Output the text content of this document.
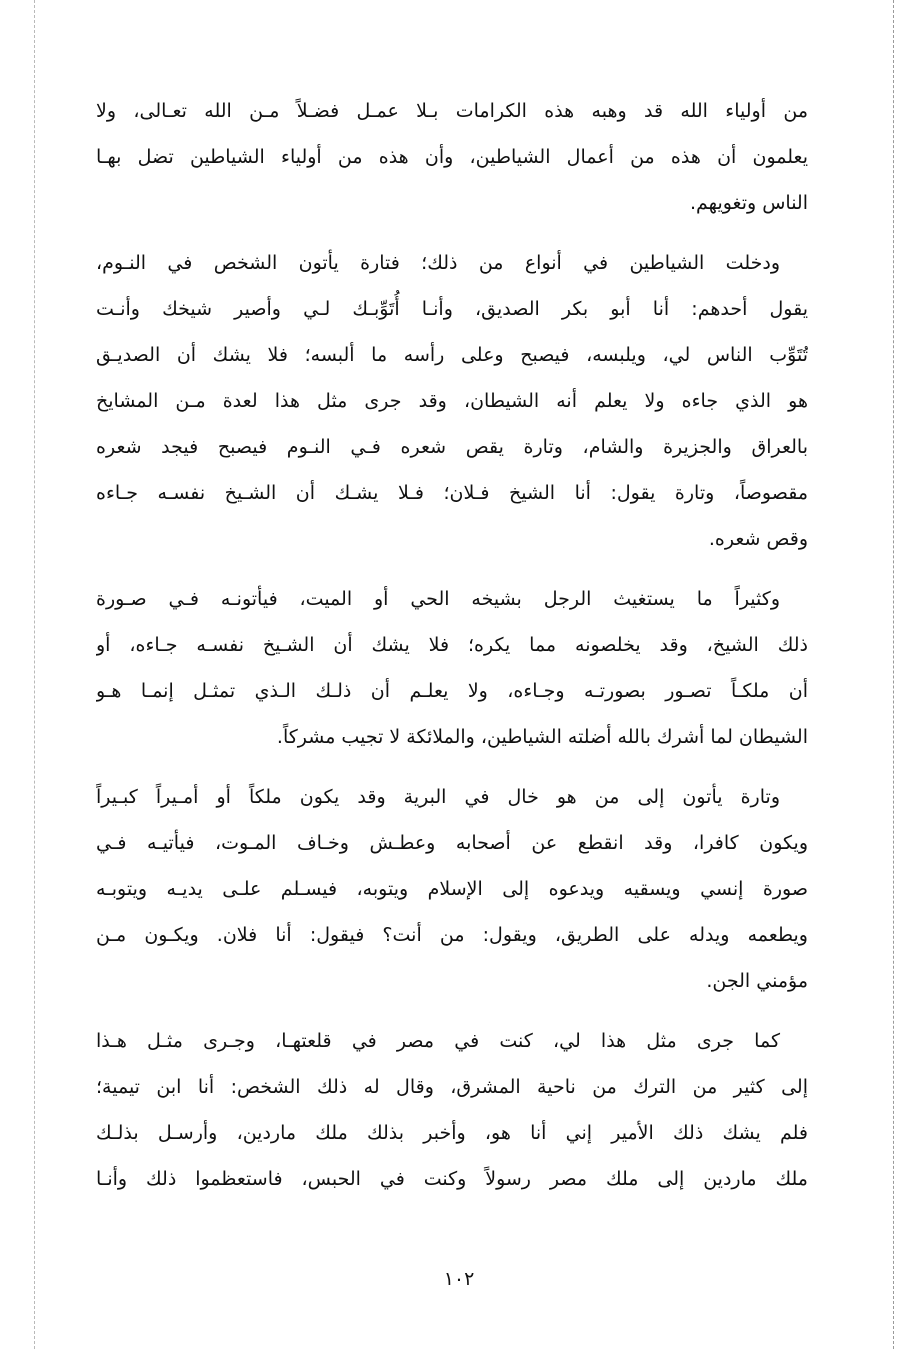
من أولياء الله قد وهبه هذه الكرامات بـلا عمـل فضـلاً مـن الله تعـالى، ولا
يعلمون أن هذه من أعمال الشياطين، وأن هذه من أولياء الشياطين تضل بهـا
الناس وتغويهم.
ودخلت الشياطين في أنواع من ذلك؛ فتارة يأتون الشخص في النـوم،
يقول أحدهم: أنا أبو بكر الصديق، وأنـا أُتَوِّبـك لـي وأصير شيخك وأنـت
تُتَوِّب الناس لي، ويلبسه، فيصبح وعلى رأسه ما ألبسه؛ فلا يشك أن الصديـق
هو الذي جاءه ولا يعلم أنه الشيطان، وقد جرى مثل هذا لعدة مـن المشايخ
بالعراق والجزيرة والشام، وتارة يقص شعره فـي النـوم فيصبح فيجد شعره
مقصوصاً، وتارة يقول: أنا الشيخ فـلان؛ فـلا يشـك أن الشـيخ نفسـه جـاءه
وقص شعره.
وكثيراً ما يستغيث الرجل بشيخه الحي أو الميت، فيأتونـه فـي صـورة
ذلك الشيخ، وقد يخلصونه مما يكره؛ فلا يشك أن الشـيخ نفسـه جـاءه، أو
أن ملكـاً تصـور بصورتـه وجـاءه، ولا يعلـم أن ذلـك الـذي تمثـل إنمـا هـو
الشيطان لما أشرك بالله أضلته الشياطين، والملائكة لا تجيب مشركاً.
وتارة يأتون إلى من هو خال في البرية وقد يكون ملكاً أو أمـيراً كبـيراً
ويكون كافرا، وقد انقطع عن أصحابه وعطـش وخـاف المـوت، فيأتيـه فـي
صورة إنسي ويسقيه ويدعوه إلى الإسلام ويتوبه، فيسـلم علـى يديـه ويتوبـه
ويطعمه ويدله على الطريق، ويقول: من أنت؟ فيقول: أنا فلان. ويكـون مـن
مؤمني الجن.
كما جرى مثل هذا لي، كنت في مصر في قلعتهـا، وجـرى مثـل هـذا
إلى كثير من الترك من ناحية المشرق، وقال له ذلك الشخص: أنا ابن تيمية؛
فلم يشك ذلك الأمير إني أنا هو، وأخبر بذلك ملك ماردين، وأرسـل بذلـك
ملك ماردين إلى ملك مصر رسولاً وكنت في الحبس، فاستعظموا ذلك وأنـا
١٠٢
